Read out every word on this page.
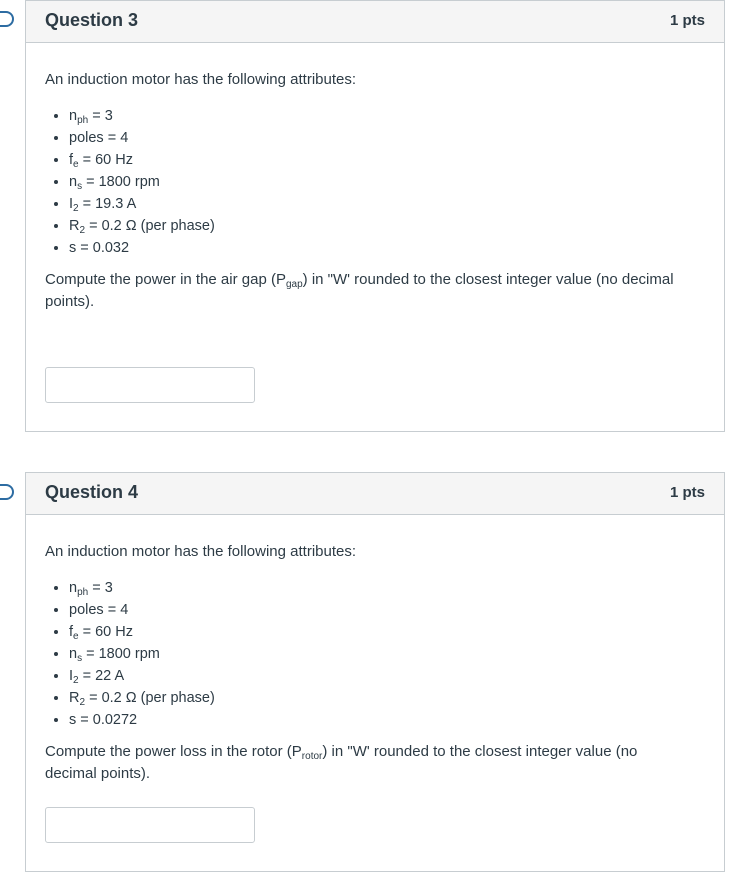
Question 3	1 pts

An induction motor has the following attributes:

• $n_{ph} = 3$
• poles = 4
• $f_e = 60$ Hz
• $n_s = 1800$ rpm
• $I_2 = 19.3$ A
• $R_2 = 0.2$ Ω (per phase)
• s = 0.032

Compute the power in the air gap $(P_{gap})$ in "W' rounded to the closest integer value (no decimal points).

Question 4	1 pts

An induction motor has the following attributes:

• $n_{ph} = 3$
• poles = 4
• $f_e = 60$ Hz
• $n_s = 1800$ rpm
• $I_2 = 22$ A
• $R_2 = 0.2$ Ω (per phase)
• s = 0.0272

Compute the power loss in the rotor $(P_{rotor})$ in "W' rounded to the closest integer value (no decimal points).
